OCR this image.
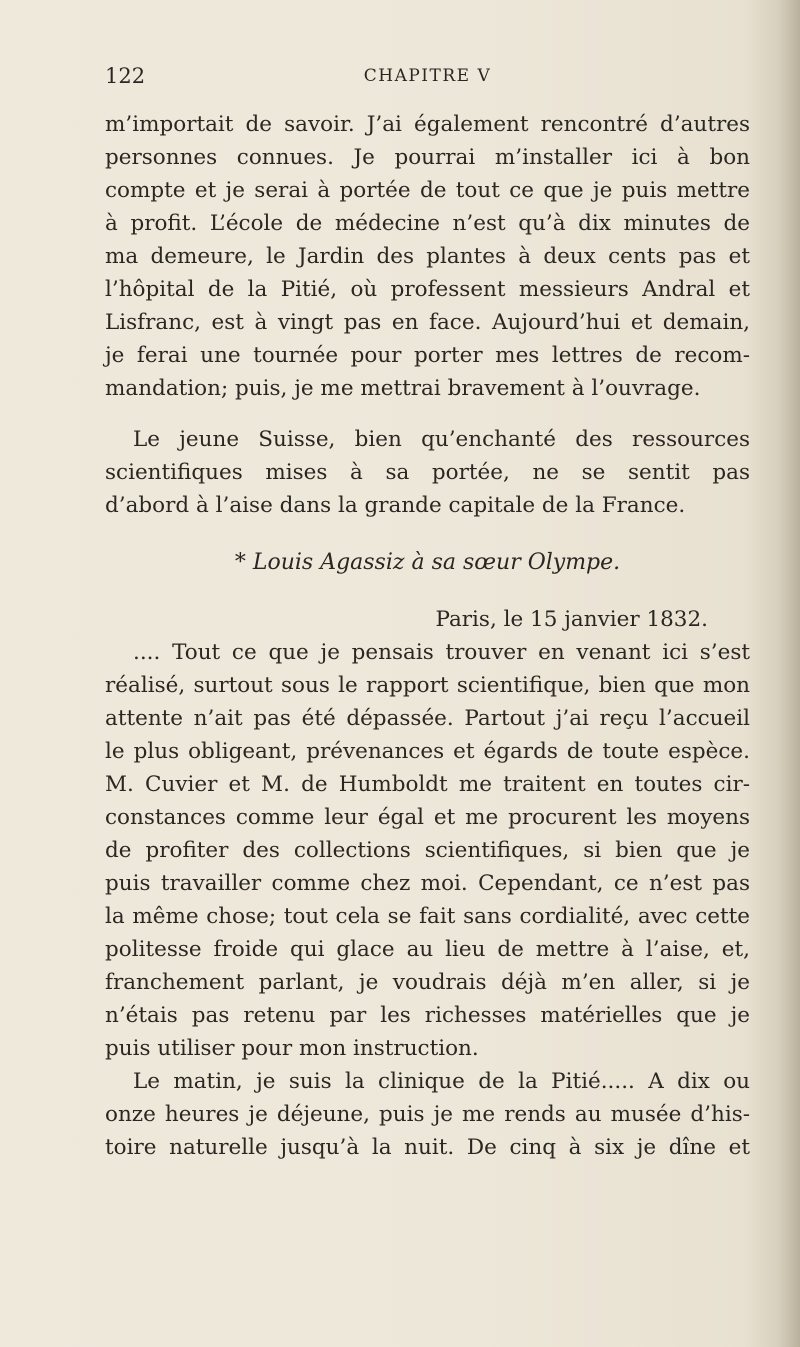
122	CHAPITRE V
m’importait de savoir. J’ai également rencontré d’autres
personnes connues. Je pourrai m’installer ici à bon
compte et je serai à portée de tout ce que je puis mettre
à profit. L’école de médecine n’est qu’à dix minutes de
ma demeure, le Jardin des plantes à deux cents pas et
l’hôpital de la Pitié, où professent messieurs Andral et
Lisfranc, est à vingt pas en face. Aujourd’hui et demain,
je ferai une tournée pour porter mes lettres de recom-
mandation; puis, je me mettrai bravement à l’ouvrage.
Le jeune Suisse, bien qu’enchanté des ressources
scientifiques mises à sa portée, ne se sentit pas
d’abord à l’aise dans la grande capitale de la France.
* Louis Agassiz à sa sœur Olympe.
Paris, le 15 janvier 1832.
.... Tout ce que je pensais trouver en venant ici s’est
réalisé, surtout sous le rapport scientifique, bien que mon
attente n’ait pas été dépassée. Partout j’ai reçu l’accueil
le plus obligeant, prévenances et égards de toute espèce.
M. Cuvier et M. de Humboldt me traitent en toutes cir-
constances comme leur égal et me procurent les moyens
de profiter des collections scientifiques, si bien que je
puis travailler comme chez moi. Cependant, ce n’est pas
la même chose; tout cela se fait sans cordialité, avec cette
politesse froide qui glace au lieu de mettre à l’aise, et,
franchement parlant, je voudrais déjà m’en aller, si je
n’étais pas retenu par les richesses matérielles que je
puis utiliser pour mon instruction.
Le matin, je suis la clinique de la Pitié..... A dix ou
onze heures je déjeune, puis je me rends au musée d’his-
toire naturelle jusqu’à la nuit. De cinq à six je dîne et
